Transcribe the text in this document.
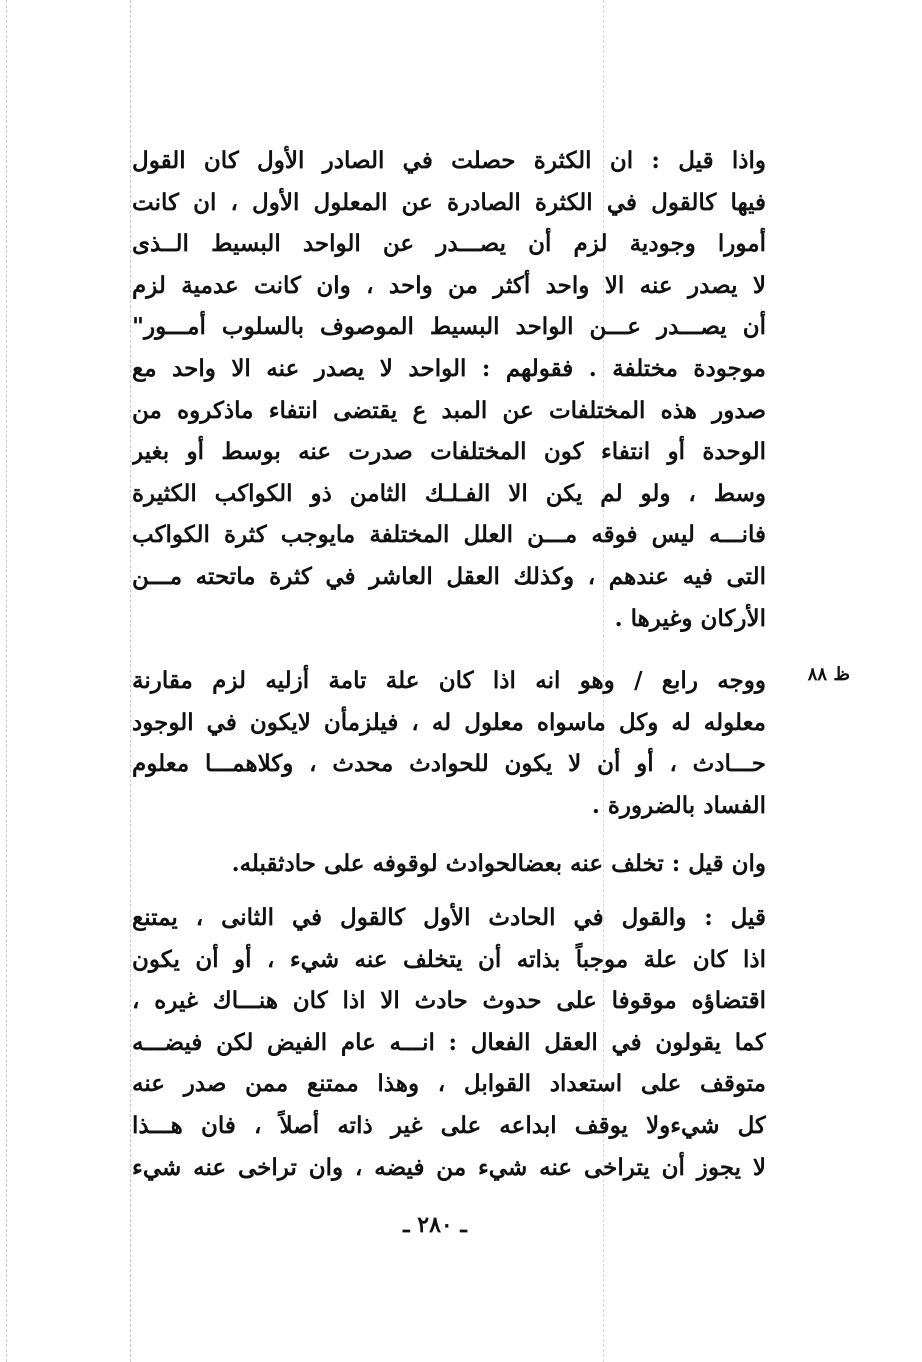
واذا قيل : ان الكثرة حصلت في الصادر الأول كان القول
فيها كالقول في الكثرة الصادرة عن المعلول الأول ، ان كانت
أمورا وجودية لزم أن يصـــدر عن الواحد البسيط الــذى
لا يصدر عنه الا واحد أكثر من واحد ، وان كانت عدمية لزم
أن يصـــدر عـــن الواحد البسيط الموصوف بالسلوب أمـــور"
موجودة مختلفة . فقولهم : الواحد لا يصدر عنه الا واحد مع
صدور هذه المختلفات عن المبد ع يقتضى انتفاء ماذكروه من
الوحدة أو انتفاء كون المختلفات صدرت عنه بوسط أو بغير
وسط ، ولو لم يكن الا الفـلـك الثامن ذو الكواكب الكثيرة
فانـــه ليس فوقه مـــن العلل المختلفة مايوجب كثرة الكواكب
التى فيه عندهم ، وكذلك العقل العاشر في كثرة ماتحته مـــن
الأركان وغيرها .
ظ ٨٨
ووجه رابع / وهو انه اذا كان علة تامة أزليه لزم مقارنة
معلوله له وكل ماسواه معلول له ، فيلزمأن لايكون في الوجود
حـــادث ، أو أن لا يكون للحوادث محدث ، وكلاهمـــا معلوم
الفساد بالضرورة .
وان قيل : تخلف عنه بعضالحوادث لوقوفه على حادثقبله.
قيل : والقول في الحادث الأول كالقول في الثانى ، يمتنع
اذا كان علة موجباً بذاته أن يتخلف عنه شيء ، أو أن يكون
اقتضاؤه موقوفا على حدوث حادث الا اذا كان هنـــاك غيره ،
كما يقولون في العقل الفعال : انـــه عام الفيض لكن فيضـــه
متوقف على استعداد القوابل ، وهذا ممتنع ممن صدر عنه
كل شيءولا يوقف ابداعه على غير ذاته أصلاً ، فان هـــذا
لا يجوز أن يتراخى عنه شيء من فيضه ، وان تراخى عنه شيء
ـ ٢٨٠ ـ
